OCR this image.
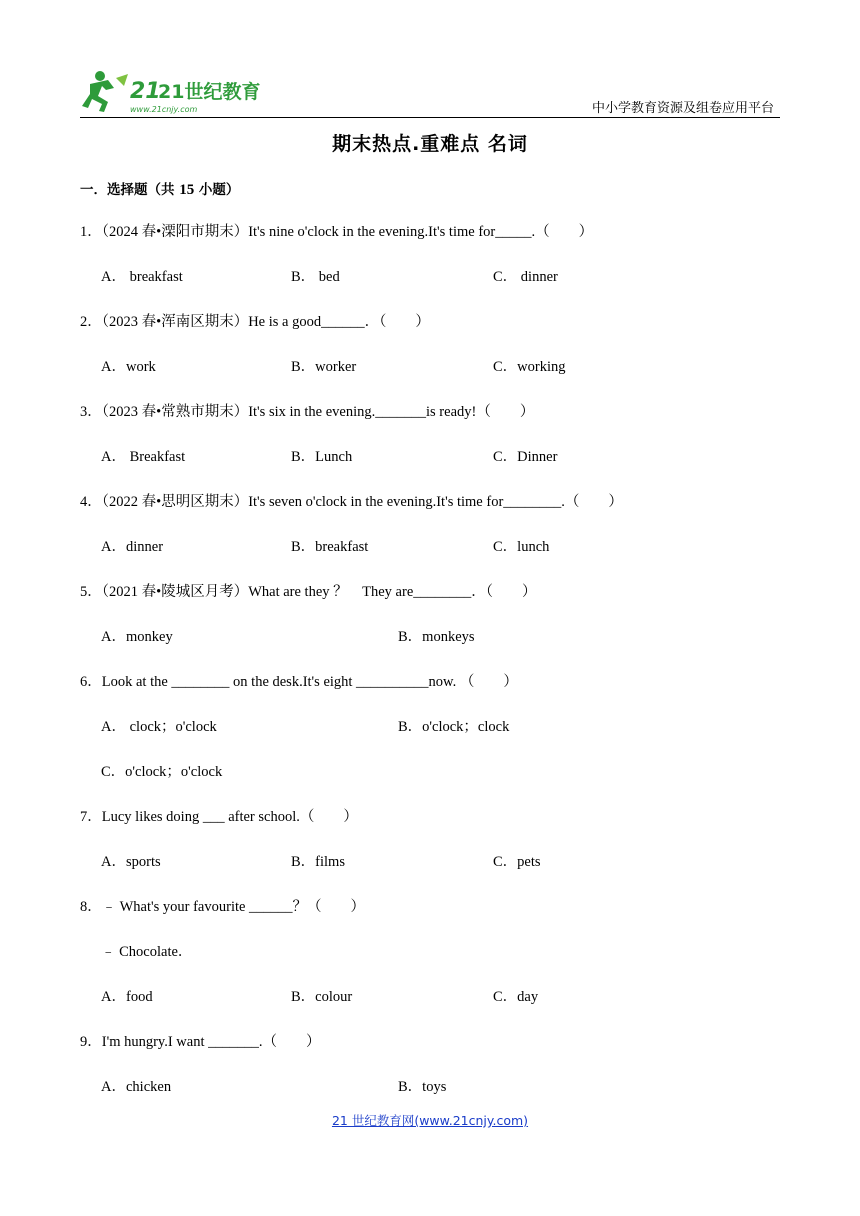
21
21世纪教育
www.21cnjy.com	中小学教育资源及组卷应用平台
期末热点.重难点 名词
一．选择题（共 15 小题）
1．（2024 春•溧阳市期末）It's nine o'clock in the evening.It's time for_____.（　　）
A． breakfast	B． bed	C． dinner
2．（2023 春•浑南区期末）He is a good______．（　　）
A．work	B．worker	C．working
3．（2023 春•常熟市期末）It's six in the evening._______is ready!（　　）
A． Breakfast	B．Lunch	C．Dinner
4．（2022 春•思明区期末）It's seven o'clock in the evening.It's time for________.（　　）
A．dinner	B．breakfast	C．lunch
5．（2021 春•陵城区月考）What are they ？　They are________．（　　）
A．monkey	B．monkeys
6．Look at the ________ on the desk.It's eight __________now. （　　）
A． clock；o'clock	B．o'clock；clock
C．o'clock；o'clock
7．Lucy likes doing ___ after school.（　　）
A．sports	B．films	C．pets
8．﹣ What's your favourite ______？（　　）
﹣ Chocolate．
A．food	B．colour	C．day
9．I'm hungry.I want _______.（　　）
A．chicken	B．toys
21 世纪教育网(www.21cnjy.com)
